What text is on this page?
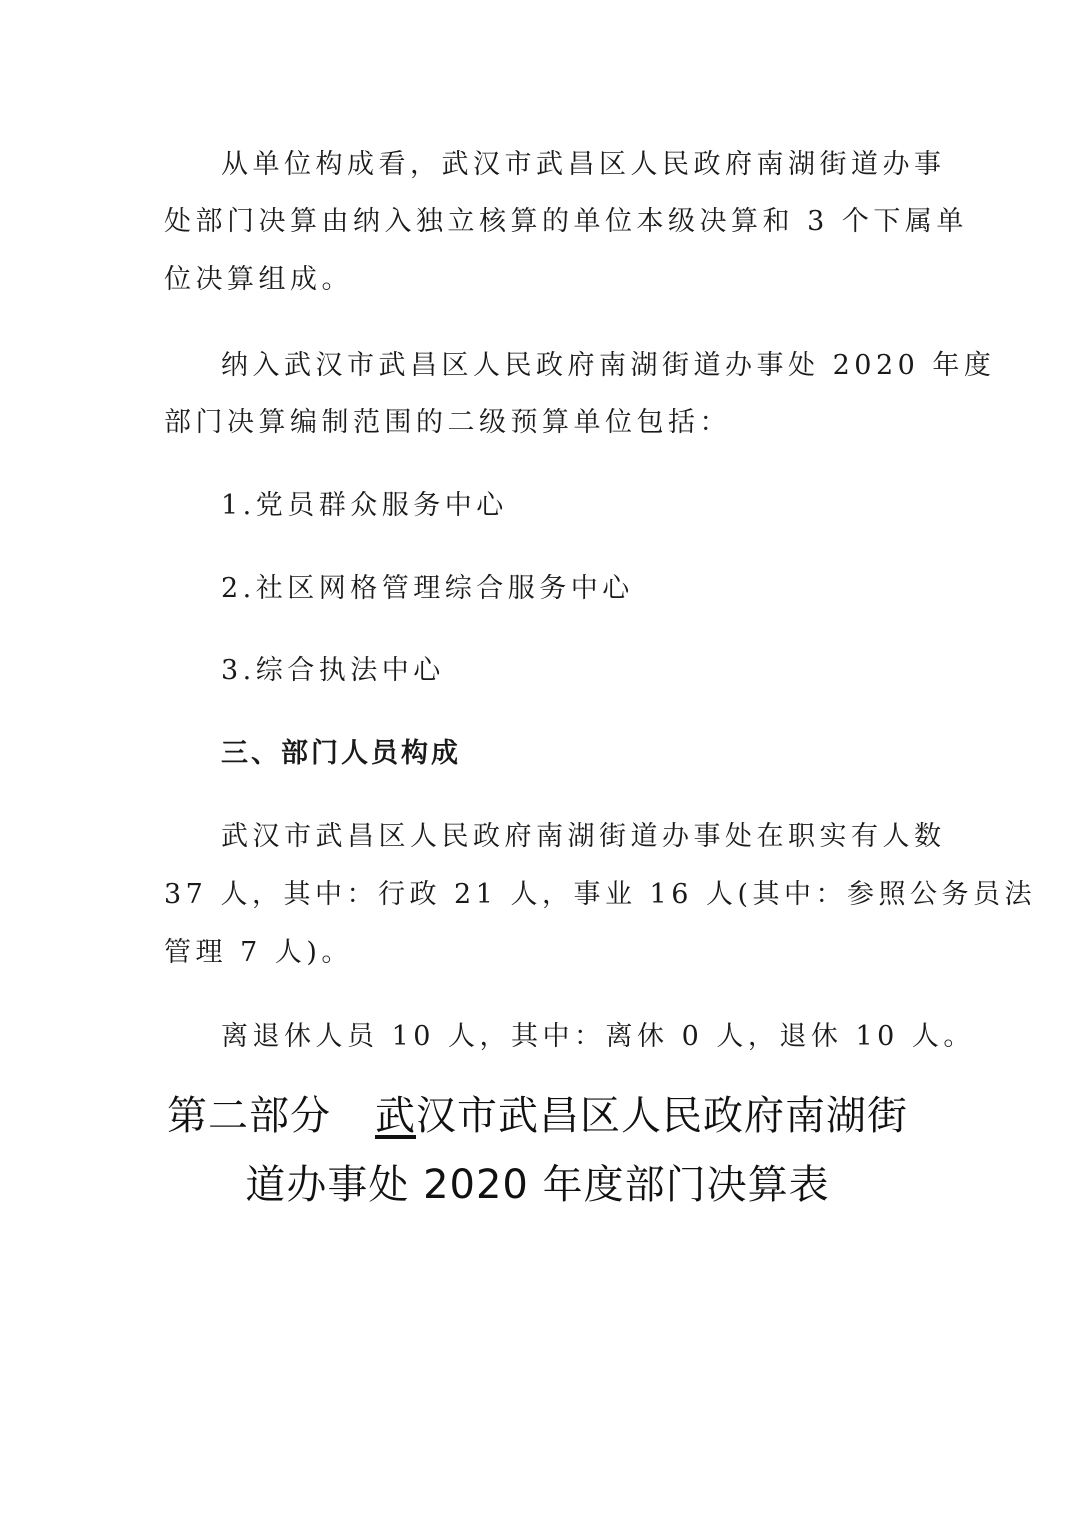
从单位构成看，武汉市武昌区人民政府南湖街道办事
处部门决算由纳入独立核算的单位本级决算和 3 个下属单
位决算组成。
纳入武汉市武昌区人民政府南湖街道办事处 2020 年度
部门决算编制范围的二级预算单位包括：
1.党员群众服务中心
2.社区网格管理综合服务中心
3.综合执法中心
三、部门人员构成
武汉市武昌区人民政府南湖街道办事处在职实有人数
37 人，其中：行政 21 人，事业 16 人(其中：参照公务员法
管理 7 人)。
离退休人员 10 人，其中：离休 0 人，退休 10 人。
第二部分 武汉市武昌区人民政府南湖街
道办事处 2020 年度部门决算表
